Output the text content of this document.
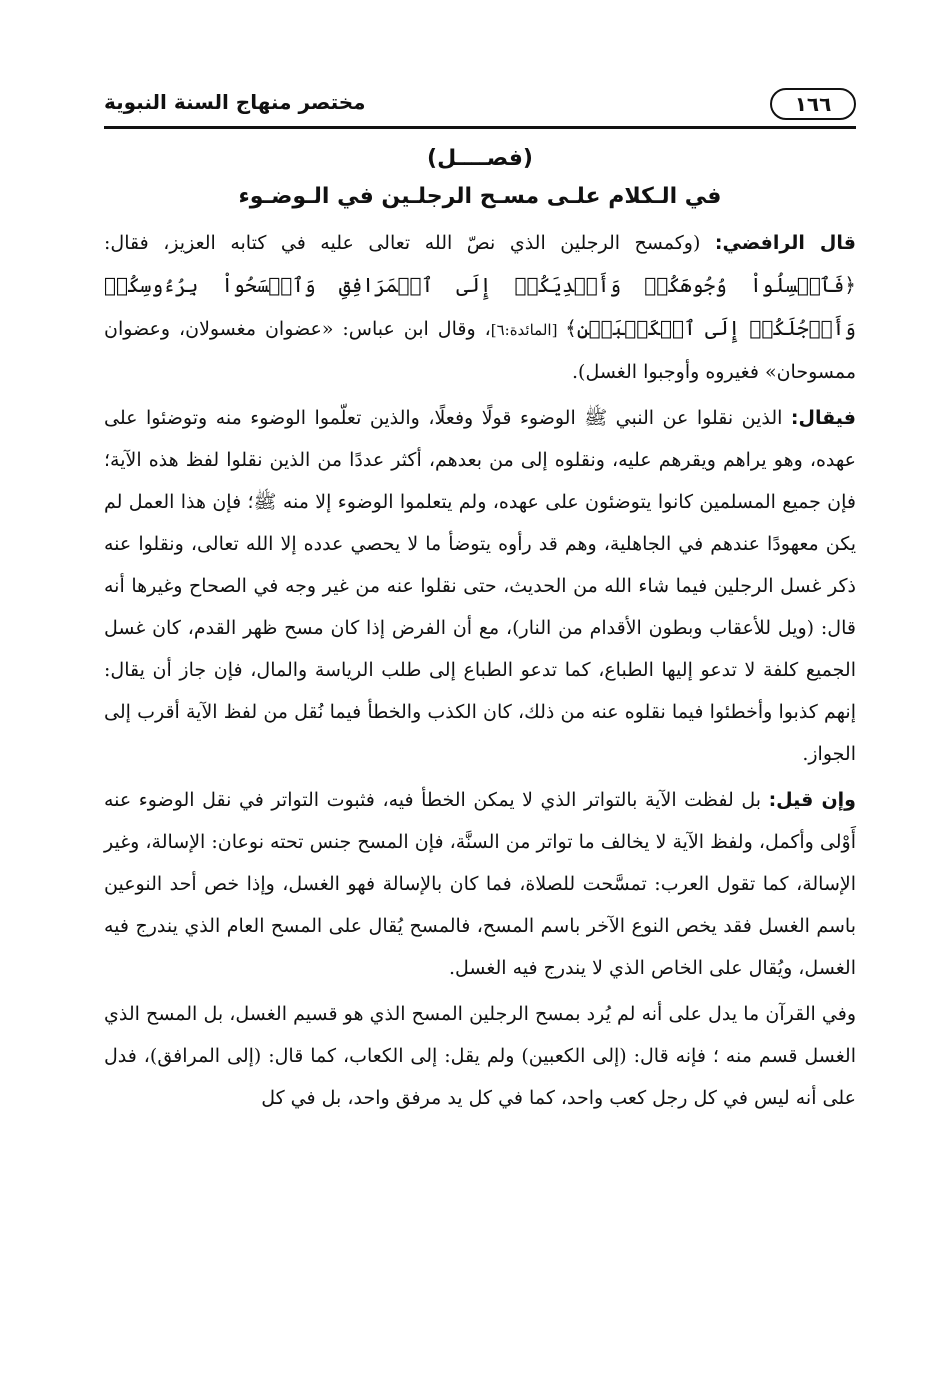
١٦٦
مختصر منهاج السنة النبوية
(فصــــل)
في الـكلام علـى مسـح الرجلـين في الـوضـوء

قال الرافضي: (وكمسح الرجلين الذي نصّ الله تعالى عليه في كتابه العزيز، فقال: ﴿فَٱغۡسِلُواْ وُجُوهَكُمۡ وَأَيۡدِيَكُمۡ إِلَى ٱلۡمَرَافِقِ وَٱمۡسَحُواْ بِرُءُوسِكُمۡ وَأَرۡجُلَكُمۡ إِلَى ٱلۡكَعۡبَيۡنِ﴾ [المائدة:٦]، وقال ابن عباس: «عضوان مغسولان، وعضوان ممسوحان» فغيروه وأوجبوا الغسل).

فيقال: الذين نقلوا عن النبي ﷺ الوضوء قولًا وفعلًا، والذين تعلّموا الوضوء منه وتوضئوا على عهده، وهو يراهم ويقرهم عليه، ونقلوه إلى من بعدهم، أكثر عددًا من الذين نقلوا لفظ هذه الآية؛ فإن جميع المسلمين كانوا يتوضئون على عهده، ولم يتعلموا الوضوء إلا منه ﷺ؛ فإن هذا العمل لم يكن معهودًا عندهم في الجاهلية، وهم قد رأوه يتوضأ ما لا يحصي عدده إلا الله تعالى، ونقلوا عنه ذكر غسل الرجلين فيما شاء الله من الحديث، حتى نقلوا عنه من غير وجه في الصحاح وغيرها أنه قال: (ويل للأعقاب وبطون الأقدام من النار)، مع أن الفرض إذا كان مسح ظهر القدم، كان غسل الجميع كلفة لا تدعو إليها الطباع، كما تدعو الطباع إلى طلب الرياسة والمال، فإن جاز أن يقال: إنهم كذبوا وأخطئوا فيما نقلوه عنه من ذلك، كان الكذب والخطأ فيما نُقل من لفظ الآية أقرب إلى الجواز.

وإن قيل: بل لفظت الآية بالتواتر الذي لا يمكن الخطأ فيه، فثبوت التواتر في نقل الوضوء عنه أَوْلى وأكمل، ولفظ الآية لا يخالف ما تواتر من السنَّة، فإن المسح جنس تحته نوعان: الإسالة، وغير الإسالة، كما تقول العرب: تمسَّحت للصلاة، فما كان بالإسالة فهو الغسل، وإذا خص أحد النوعين باسم الغسل فقد يخص النوع الآخر باسم المسح، فالمسح يُقال على المسح العام الذي يندرج فيه الغسل، ويُقال على الخاص الذي لا يندرج فيه الغسل.

وفي القرآن ما يدل على أنه لم يُرد بمسح الرجلين المسح الذي هو قسيم الغسل، بل المسح الذي الغسل قسم منه ؛ فإنه قال: (إلى الكعبين) ولم يقل: إلى الكعاب، كما قال: (إلى المرافق)، فدل على أنه ليس في كل رجل كعب واحد، كما في كل يد مرفق واحد، بل في كل
